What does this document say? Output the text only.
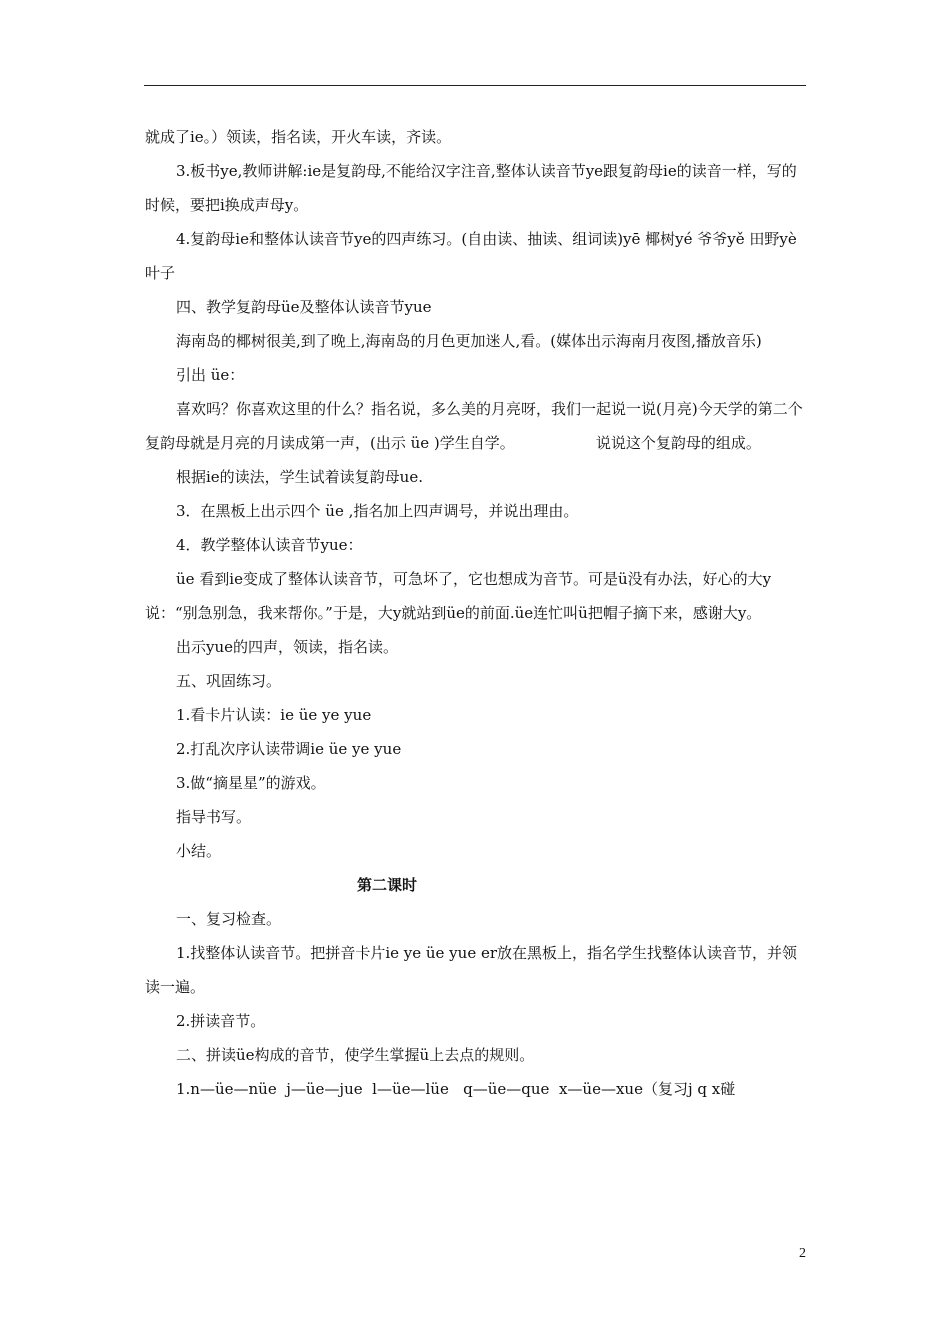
就成了ie。）领读，指名读，开火车读，齐读。

3.板书ye,教师讲解:ie是复韵母,不能给汉字注音,整体认读音节ye跟复韵母ie的读音一样，写的时候，要把i换成声母y。

4.复韵母ie和整体认读音节ye的四声练习。(自由读、抽读、组词读)yē 椰树yé 爷爷yě 田野yè 叶子

四、教学复韵母üe及整体认读音节yue

海南岛的椰树很美,到了晚上,海南岛的月色更加迷人,看。(媒体出示海南月夜图,播放音乐)

引出 üe：

喜欢吗？你喜欢这里的什么？指名说，多么美的月亮呀，我们一起说一说(月亮)今天学的第二个复韵母就是月亮的月读成第一声，(出示 üe )学生自学。                 说说这个复韵母的组成。

根据ie的读法，学生试着读复韵母ue.

3．在黑板上出示四个 üe ,指名加上四声调号，并说出理由。

4．教学整体认读音节yue：

üe 看到ie变成了整体认读音节，可急坏了，它也想成为音节。可是ü没有办法，好心的大y说：“别急别急，我来帮你。”于是，大y就站到üe的前面.üe连忙叫ü把帽子摘下来，感谢大y。

出示yue的四声，领读，指名读。

五、巩固练习。

1.看卡片认读：ie üe ye yue

2.打乱次序认读带调ie üe ye yue

3.做“摘星星”的游戏。

指导书写。

小结。

第二课时

一、复习检查。

1.找整体认读音节。把拼音卡片ie ye üe yue er放在黑板上，指名学生找整体认读音节，并领读一遍。

2.拼读音节。

二、拼读üe构成的音节，使学生掌握ü上去点的规则。

1.n—üe—nüe  j—üe—jue  l—üe—lüe   q—üe—que  x—üe—xue（复习j q x碰

2
